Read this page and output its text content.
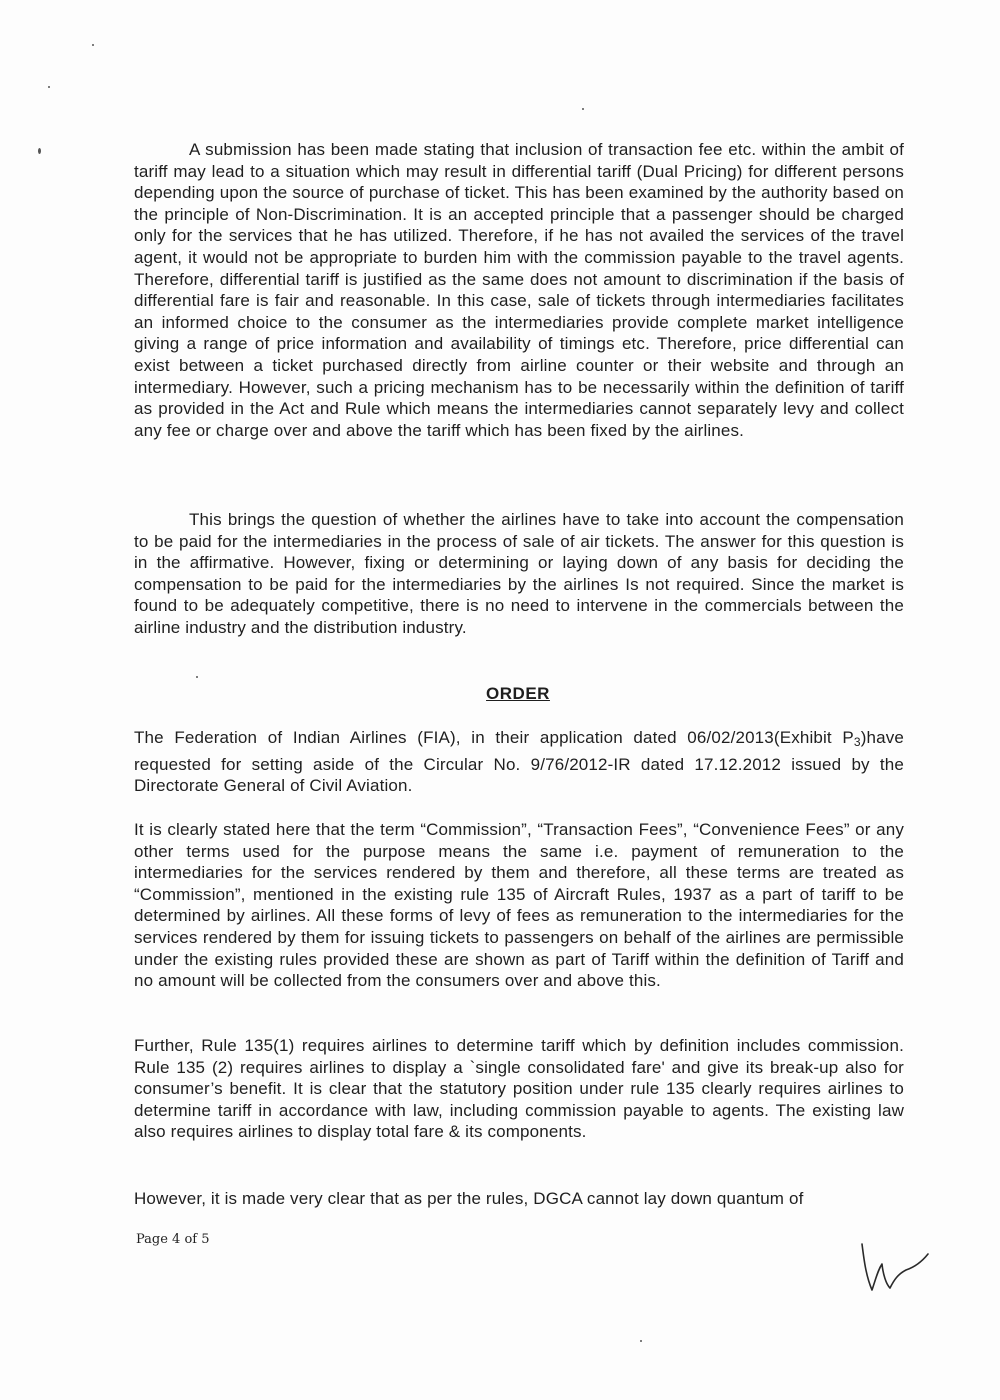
A submission has been made stating that inclusion of transaction fee etc. within the ambit of tariff may lead to a situation which may result in differential tariff (Dual Pricing) for different persons depending upon the source of purchase of ticket. This has been examined by the authority based on the principle of Non-Discrimination. It is an accepted principle that a passenger should be charged only for the services that he has utilized. Therefore, if he has not availed the services of the travel agent, it would not be appropriate to burden him with the commission payable to the travel agents. Therefore, differential tariff is justified as the same does not amount to discrimination if the basis of differential fare is fair and reasonable. In this case, sale of tickets through intermediaries facilitates an informed choice to the consumer as the intermediaries provide complete market intelligence giving a range of price information and availability of timings etc. Therefore, price differential can exist between a ticket purchased directly from airline counter or their website and through an intermediary. However, such a pricing mechanism has to be necessarily within the definition of tariff as provided in the Act and Rule which means the intermediaries cannot separately levy and collect any fee or charge over and above the tariff which has been fixed by the airlines.

This brings the question of whether the airlines have to take into account the compensation to be paid for the intermediaries in the process of sale of air tickets. The answer for this question is in the affirmative. However, fixing or determining or laying down of any basis for deciding the compensation to be paid for the intermediaries by the airlines Is not required. Since the market is found to be adequately competitive, there is no need to intervene in the commercials between the airline industry and the distribution industry.

ORDER

The Federation of Indian Airlines (FIA), in their application dated 06/02/2013(Exhibit $P_3)have$ requested for setting aside of the Circular No. 9/76/2012-IR dated 17.12.2012 issued by the Directorate General of Civil Aviation.

It is clearly stated here that the term “Commission”, “Transaction Fees”, “Convenience Fees” or any other terms used for the purpose means the same i.e. payment of remuneration to the intermediaries for the services rendered by them and therefore, all these terms are treated as “Commission”, mentioned in the existing rule 135 of Aircraft Rules, 1937 as a part of tariff to be determined by airlines. All these forms of levy of fees as remuneration to the intermediaries for the services rendered by them for issuing tickets to passengers on behalf of the airlines are permissible under the existing rules provided these are shown as part of Tariff within the definition of Tariff and no amount will be collected from the consumers over and above this.

Further, Rule 135(1) requires airlines to determine tariff which by definition includes commission. Rule 135 (2) requires airlines to display a `single consolidated fare' and give its break-up also for consumer’s benefit. It is clear that the statutory position under rule 135 clearly requires airlines to determine tariff in accordance with law, including commission payable to agents. The existing law also requires airlines to display total fare & its components.

However, it is made very clear that as per the rules, DGCA cannot lay down quantum of

Page 4 of 5
